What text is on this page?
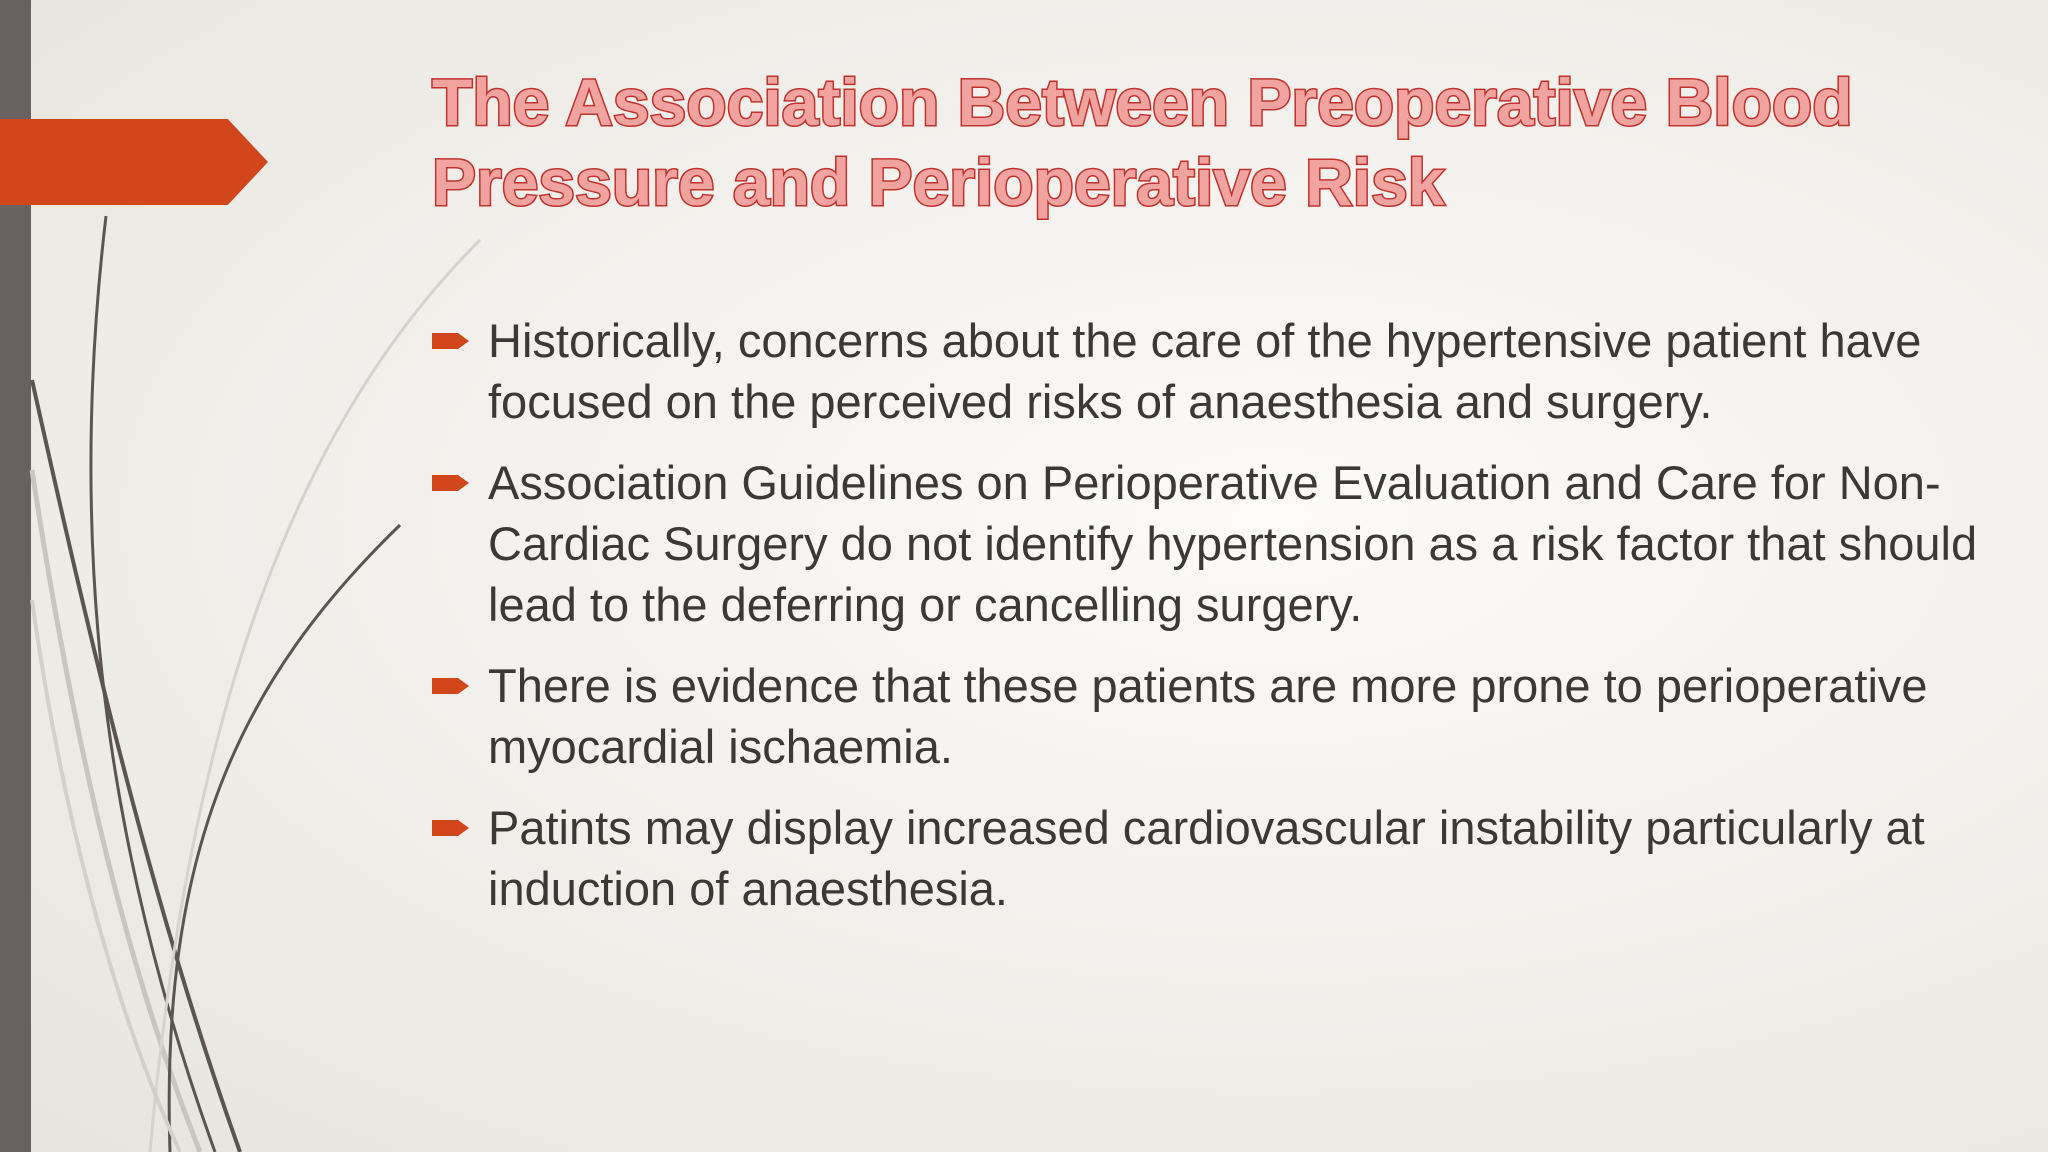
The Association Between Preoperative Blood Pressure and Perioperative Risk
Historically, concerns about the care of the hypertensive patient have focused on the perceived risks of anaesthesia and surgery.
Association Guidelines on Perioperative Evaluation and Care for Non-Cardiac Surgery do not identify hypertension as a risk factor that should lead to the deferring or cancelling surgery.
There is evidence that these patients are more prone to perioperative myocardial ischaemia.
Patints may display increased cardiovascular instability particularly at induction of anaesthesia.
